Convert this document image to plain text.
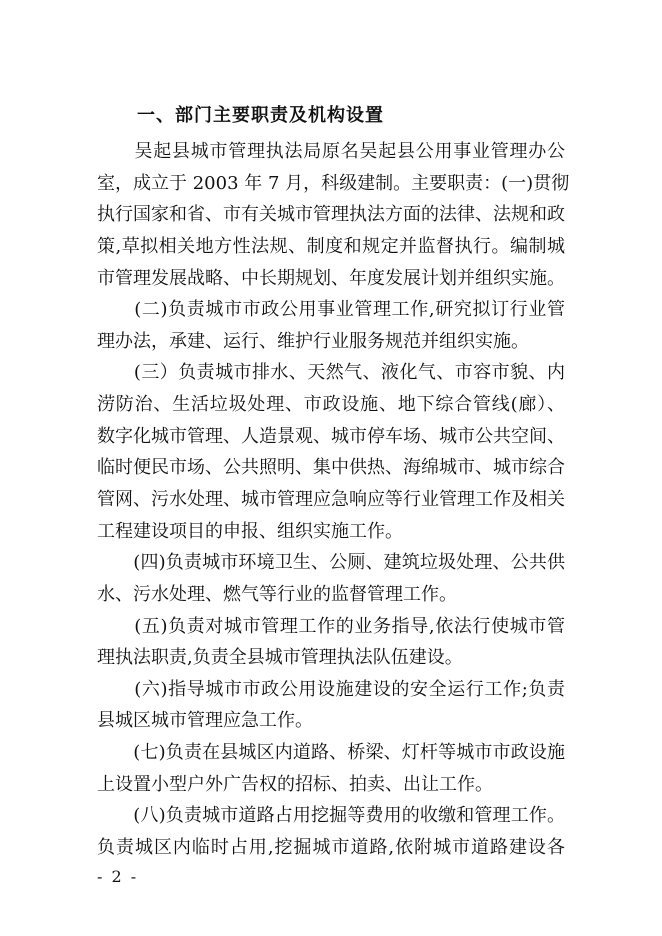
一、部门主要职责及机构设置
　　吴起县城市管理执法局原名吴起县公用事业管理办公
室，成立于 2003 年 7 月，科级建制。主要职责：(一)贯彻
执行国家和省、市有关城市管理执法方面的法律、法规和政
策,草拟相关地方性法规、制度和规定并监督执行。编制城
市管理发展战略、中长期规划、年度发展计划并组织实施。
　　(二)负责城市市政公用事业管理工作,研究拟订行业管
理办法，承建、运行、维护行业服务规范并组织实施。
　　(三）负责城市排水、天然气、液化气、市容市貌、内
涝防治、生活垃圾处理、市政设施、地下综合管线(廊）、
数字化城市管理、人造景观、城市停车场、城市公共空间、
临时便民市场、公共照明、集中供热、海绵城市、城市综合
管网、污水处理、城市管理应急响应等行业管理工作及相关
工程建设项目的申报、组织实施工作。
　　(四)负责城市环境卫生、公厕、建筑垃圾处理、公共供
水、污水处理、燃气等行业的监督管理工作。
　　(五)负责对城市管理工作的业务指导,依法行使城市管
理执法职责,负责全县城市管理执法队伍建设。
　　(六)指导城市市政公用设施建设的安全运行工作;负责
县城区城市管理应急工作。
　　(七)负责在县城区内道路、桥梁、灯杆等城市市政设施
上设置小型户外广告权的招标、拍卖、出让工作。
　　(八)负责城市道路占用挖掘等费用的收缴和管理工作。
负责城区内临时占用,挖掘城市道路,依附城市道路建设各
- 2 -
